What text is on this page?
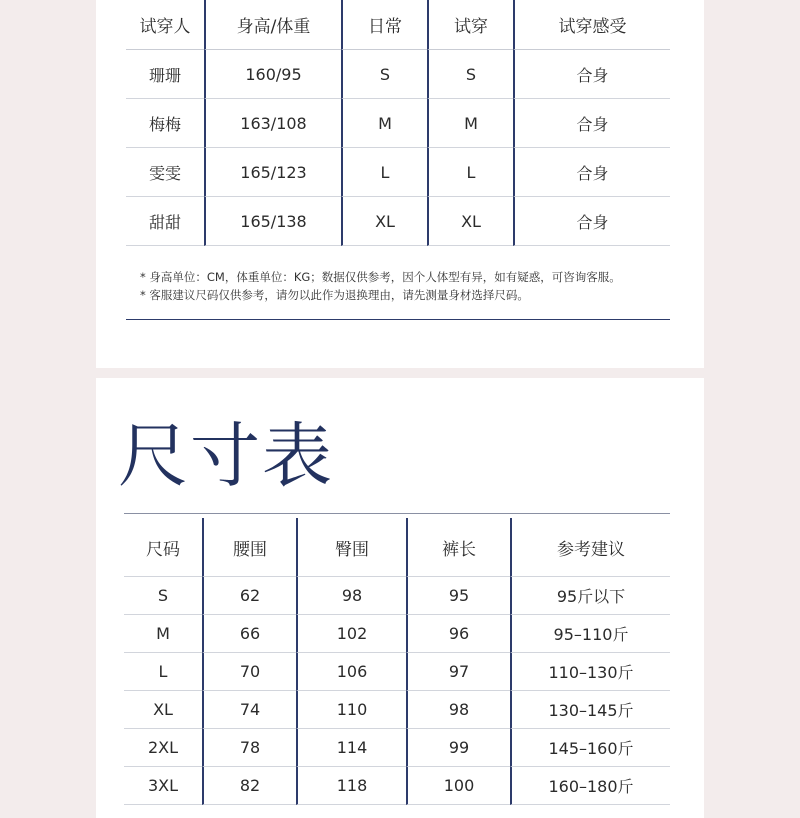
试穿人	身高/体重	日常	试穿	试穿感受
珊珊	160/95	S	S	合身
梅梅	163/108	M	M	合身
雯雯	165/123	L	L	合身
甜甜	165/138	XL	XL	合身

* 身高单位：CM，体重单位：KG；数据仅供参考，因个人体型有异，如有疑惑，可咨询客服。

* 客服建议尺码仅供参考，请勿以此作为退换理由，请先测量身材选择尺码。

尺寸表
尺码	腰围	臀围	裤长	参考建议
S	62	98	95	95斤以下
M	66	102	96	95–110斤
L	70	106	97	110–130斤
XL	74	110	98	130–145斤
2XL	78	114	99	145–160斤
3XL	82	118	100	160–180斤
